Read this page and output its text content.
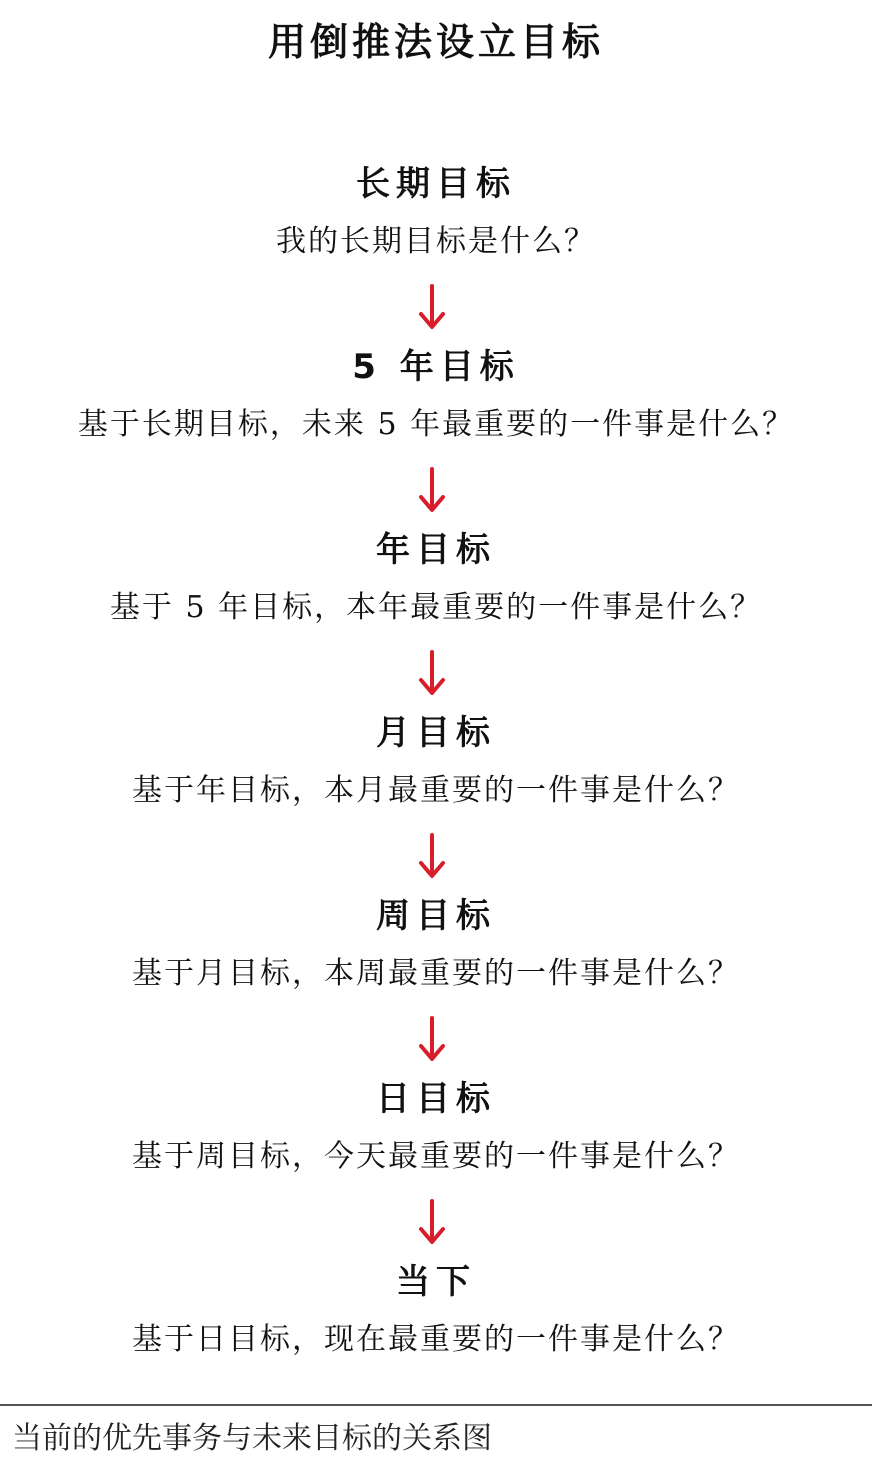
用倒推法设立目标
长期目标
我的长期目标是什么？
5 年目标
基于长期目标，未来 5 年最重要的一件事是什么？
年目标
基于 5 年目标，本年最重要的一件事是什么？
月目标
基于年目标，本月最重要的一件事是什么？
周目标
基于月目标，本周最重要的一件事是什么？
日目标
基于周目标，今天最重要的一件事是什么？
当下
基于日目标，现在最重要的一件事是什么？
当前的优先事务与未来目标的关系图
